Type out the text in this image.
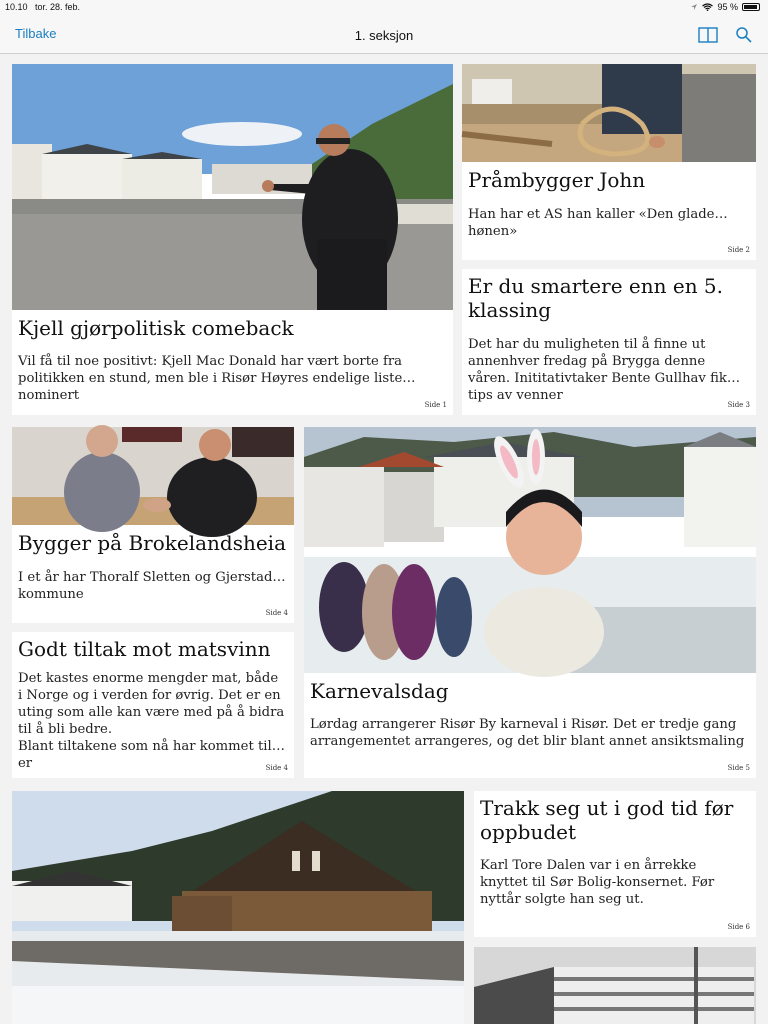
10.10 tor. 28. feb.	95 %
Tilbake	1. seksjon
Kjell gjørpolitisk comeback
Vil få til noe positivt: Kjell Mac Donald har vært borte fra politikken en stund, men ble i Risør Høyres endelige liste nominert
Side 1
Pråmbygger John
Han har et AS han kaller «Den glade hønen»
Side 2
Er du smartere enn en 5. klassing
Det har du muligheten til å finne ut annenhver fredag på Brygga denne våren. Inititativtaker Bente Gullhav fikk tips av venner
Side 3
Bygger på Brokelandsheia
I et år har Thoralf Sletten og Gjerstad kommune
Side 4
Godt tiltak mot matsvinn
Det kastes enorme mengder mat, både i Norge og i verden for øvrig. Det er en uting som alle kan være med på å bidra til å bli bedre.
Blant tiltakene som nå har kommet til er	Side 4
Karnevalsdag
Lørdag arrangerer Risør By karneval i Risør. Det er tredje gang arrangementet arrangeres, og det blir blant annet ansiktsmaling
Side 5
Trakk seg ut i god tid før oppbudet
Karl Tore Dalen var i en årrekke knyttet til Sør Bolig-konsernet. Før nyttår solgte han seg ut.
Side 6
